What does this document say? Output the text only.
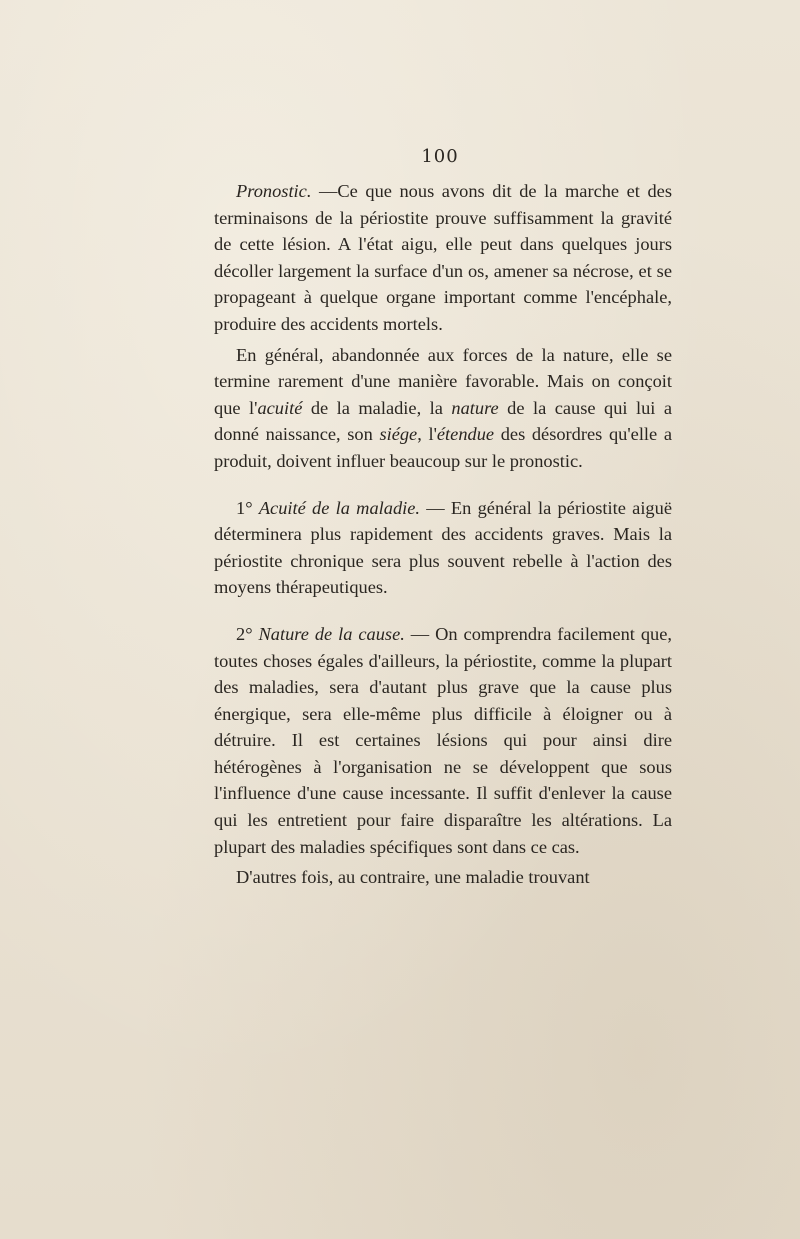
100

Pronostic. —Ce que nous avons dit de la marche et des terminaisons de la périostite prouve suffisamment la gravité de cette lésion. A l'état aigu, elle peut dans quelques jours décoller largement la surface d'un os, amener sa nécrose, et se propageant à quelque organe important comme l'encéphale, produire des accidents mortels.

En général, abandonnée aux forces de la nature, elle se termine rarement d'une manière favorable. Mais on conçoit que l'acuité de la maladie, la nature de la cause qui lui a donné naissance, son siége, l'étendue des désordres qu'elle a produit, doivent influer beaucoup sur le pronostic.

1° Acuité de la maladie. — En général la périostite aiguë déterminera plus rapidement des accidents graves. Mais la périostite chronique sera plus souvent rebelle à l'action des moyens thérapeutiques.

2° Nature de la cause. — On comprendra facilement que, toutes choses égales d'ailleurs, la périostite, comme la plupart des maladies, sera d'autant plus grave que la cause plus énergique, sera elle-même plus difficile à éloigner ou à détruire. Il est certaines lésions qui pour ainsi dire hétérogènes à l'organisation ne se développent que sous l'influence d'une cause incessante. Il suffit d'enlever la cause qui les entretient pour faire disparaître les altérations. La plupart des maladies spécifiques sont dans ce cas.

D'autres fois, au contraire, une maladie trouvant
